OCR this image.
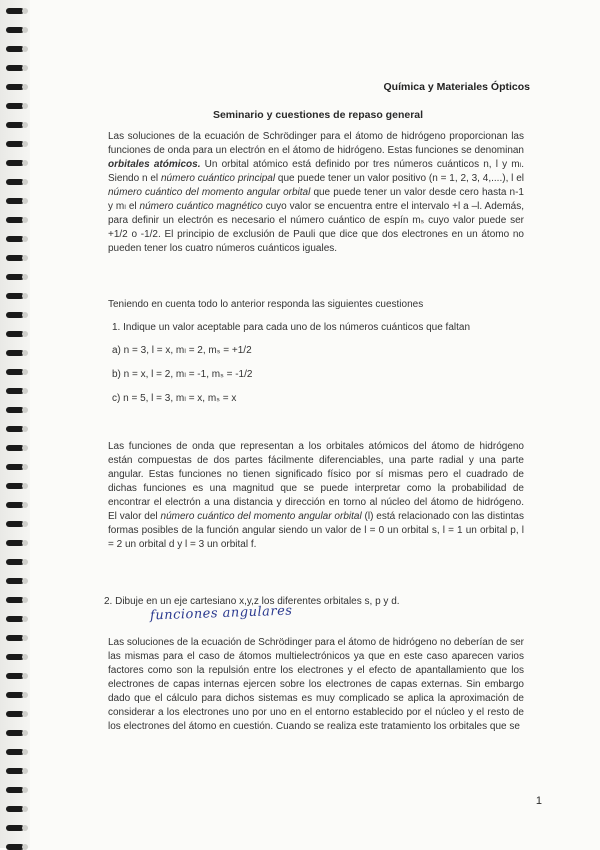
Química y Materiales Ópticos
Seminario y cuestiones de repaso general
Las soluciones de la ecuación de Schrödinger para el átomo de hidrógeno proporcionan las funciones de onda para un electrón en el átomo de hidrógeno. Estas funciones se denominan orbitales atómicos. Un orbital atómico está definido por tres números cuánticos n, l y mₗ. Siendo n el número cuántico principal que puede tener un valor positivo (n = 1, 2, 3, 4,....), l el número cuántico del momento angular orbital que puede tener un valor desde cero hasta n-1 y mₗ el número cuántico magnético cuyo valor se encuentra entre el intervalo +l a –l. Además, para definir un electrón es necesario el número cuántico de espín mₛ cuyo valor puede ser +1/2 o -1/2. El principio de exclusión de Pauli que dice que dos electrones en un átomo no pueden tener los cuatro números cuánticos iguales.
Teniendo en cuenta todo lo anterior responda las siguientes cuestiones
1. Indique un valor aceptable para cada uno de los números cuánticos que faltan
a) n = 3, l = x, mₗ = 2, mₛ = +1/2
b) n = x, l = 2, mₗ = -1, mₛ = -1/2
c) n = 5, l = 3, mₗ = x, mₛ = x
Las funciones de onda que representan a los orbitales atómicos del átomo de hidrógeno están compuestas de dos partes fácilmente diferenciables, una parte radial y una parte angular. Estas funciones no tienen significado físico por sí mismas pero el cuadrado de dichas funciones es una magnitud que se puede interpretar como la probabilidad de encontrar el electrón a una distancia y dirección en torno al núcleo del átomo de hidrógeno. El valor del número cuántico del momento angular orbital (l) está relacionado con las distintas formas posibles de la función angular siendo un valor de l = 0 un orbital s, l = 1 un orbital p, l = 2 un orbital d y l = 3 un orbital f.
2. Dibuje en un eje cartesiano x,y,z los diferentes orbitales s, p y d.
funciones angulares
Las soluciones de la ecuación de Schrödinger para el átomo de hidrógeno no deberían de ser las mismas para el caso de átomos multielectrónicos ya que en este caso aparecen varios factores como son la repulsión entre los electrones y el efecto de apantallamiento que los electrones de capas internas ejercen sobre los electrones de capas externas. Sin embargo dado que el cálculo para dichos sistemas es muy complicado se aplica la aproximación de considerar a los electrones uno por uno en el entorno establecido por el núcleo y el resto de los electrones del átomo en cuestión. Cuando se realiza este tratamiento los orbitales que se
1
